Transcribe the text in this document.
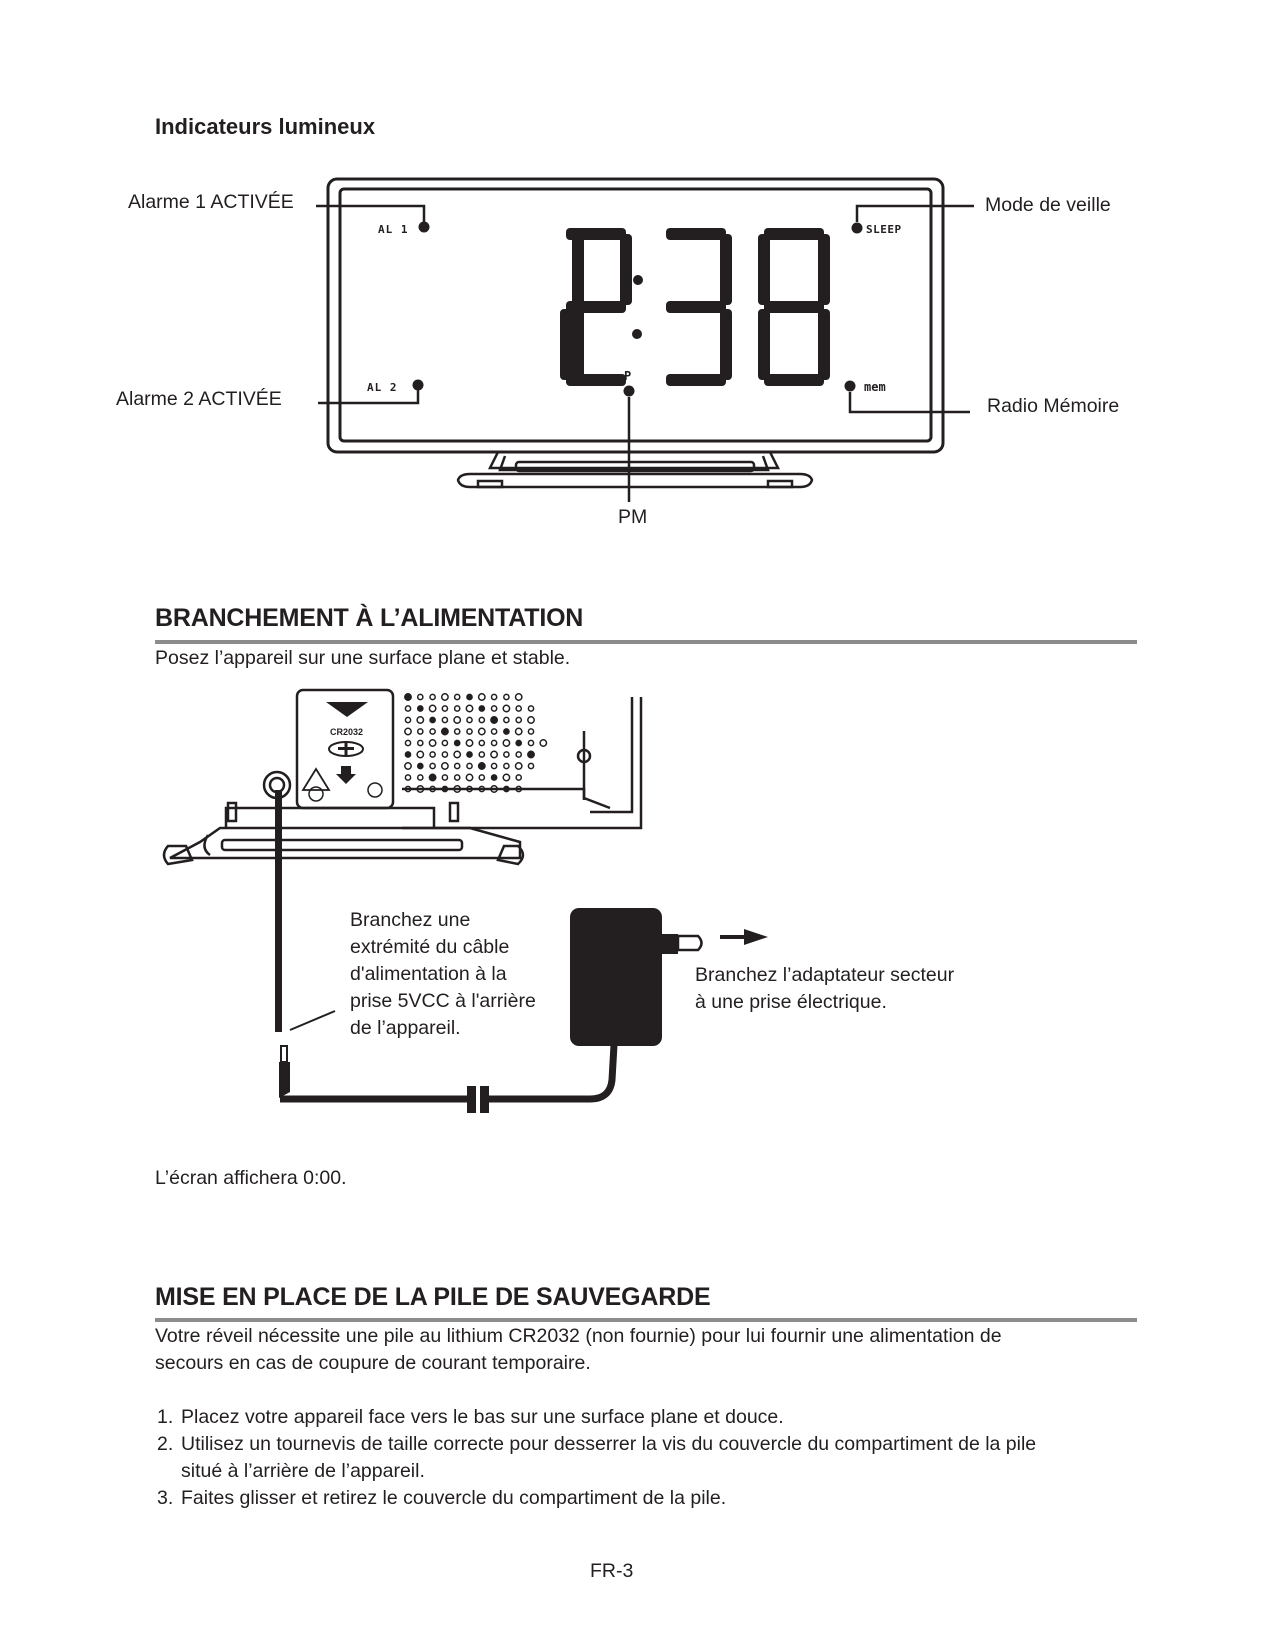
Indicateurs lumineux
Alarme 1 ACTIVÉE
Alarme 2 ACTIVÉE
Mode de veille
Radio Mémoire
PM
AL 1
AL 2
SLEEP
mem
P
BRANCHEMENT À L’ALIMENTATION
Posez l’appareil sur une surface plane et stable.
CR2032
Branchez une
extrémité du câble
d'alimentation à la
prise 5VCC à l'arrière
de l’appareil.
Branchez l’adaptateur secteur
à une prise électrique.
L’écran affichera 0:00.
MISE EN PLACE DE LA PILE DE SAUVEGARDE
Votre réveil nécessite une pile au lithium CR2032 (non fournie) pour lui fournir une alimentation de
secours en cas de coupure de courant temporaire.
1. Placez votre appareil face vers le bas sur une surface plane et douce.
2. Utilisez un tournevis de taille correcte pour desserrer la vis du couvercle du compartiment de la pile
situé à l’arrière de l’appareil.
3. Faites glisser et retirez le couvercle du compartiment de la pile.
FR-3
